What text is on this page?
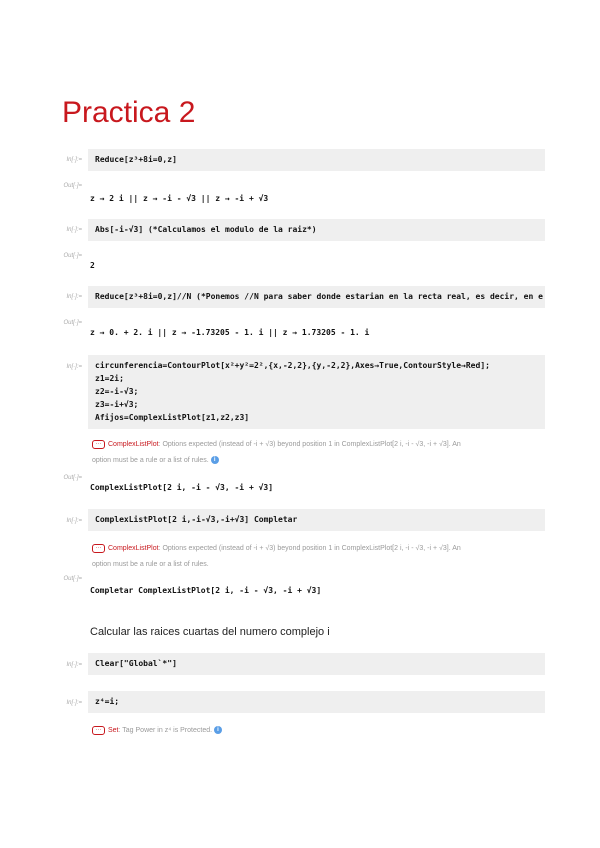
Practica 2
In[·]:=	Reduce[z³+8i=0,z]
Out[·]=
z → 2 i || z → -i - √3 || z → -i + √3
In[·]:=	Abs[-i-√3] (*Calculamos el modulo de la raiz*)
Out[·]=
2
In[·]:=	Reduce[z³+8i=0,z]//N (*Ponemos //N para saber donde estarian en la recta real, es decir, en e
Out[·]=
z → 0. + 2. i || z → -1.73205 - 1. i || z → 1.73205 - 1. i
In[·]:=	circunferencia=ContourPlot[x²+y²=2²,{x,-2,2},{y,-2,2},Axes→True,ContourStyle→Red];
z1=2i;
z2=-i-√3;
z3=-i+√3;
Afijos=ComplexListPlot[z1,z2,z3]
··· ComplexListPlot: Options expected (instead of -i + √3) beyond position 1 in ComplexListPlot[2 i, -i - √3, -i + √3]. An
option must be a rule or a list of rules. i
Out[·]=
ComplexListPlot[2 i, -i - √3, -i + √3]
In[·]:=	ComplexListPlot[2 i,-i-√3,-i+√3] Completar
··· ComplexListPlot: Options expected (instead of -i + √3) beyond position 1 in ComplexListPlot[2 i, -i - √3, -i + √3]. An
option must be a rule or a list of rules.
Out[·]=
Completar ComplexListPlot[2 i, -i - √3, -i + √3]
Calcular las raices cuartas del numero complejo i
In[·]:=	Clear["Global`*"]
In[·]:=	z⁴=i;
··· Set: Tag Power in z⁴ is Protected. i
